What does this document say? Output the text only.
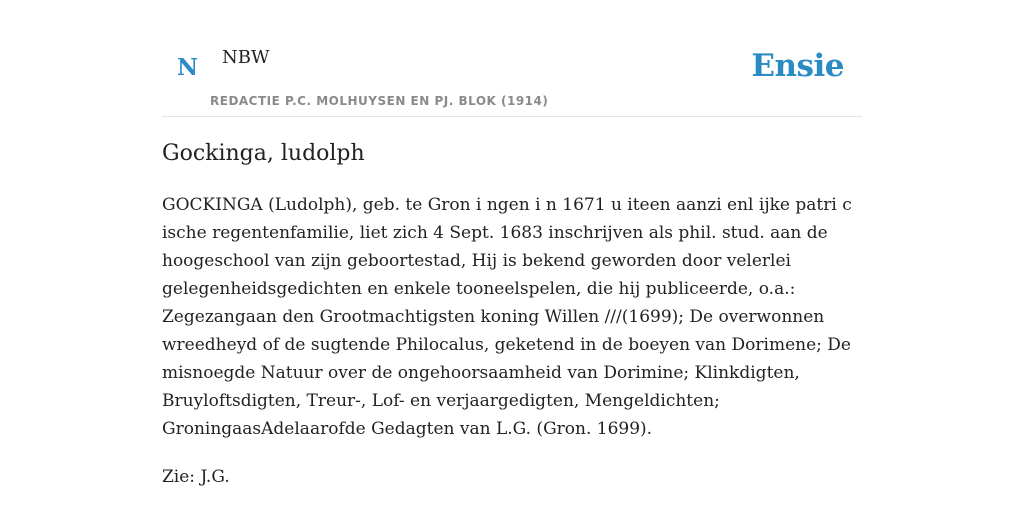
N NBW
REDACTIE P.C. MOLHUYSEN EN PJ. BLOK (1914)
Ensie
Gockinga, ludolph

GOCKINGA (Ludolph), geb. te Gron i ngen i n 1671 u iteen aanzi enl ijke patri c ische regentenfamilie, liet zich 4 Sept. 1683 inschrijven als phil. stud. aan de hoogeschool van zijn geboortestad, Hij is bekend geworden door velerlei gelegenheidsgedichten en enkele tooneelspelen, die hij publiceerde, o.a.: Zegezangaan den Grootmachtigsten koning Willen ///(1699); De overwonnen wreedheyd of de sugtende Philocalus, geketend in de boeyen van Dorimene; De misnoegde Natuur over de ongehoorsaamheid van Dorimine; Klinkdigten, Bruyloftsdigten, Treur-, Lof- en verjaargedigten, Mengeldichten; GroningaasAdelaarofde Gedagten van L.G. (Gron. 1699).

Zie: J.G.
